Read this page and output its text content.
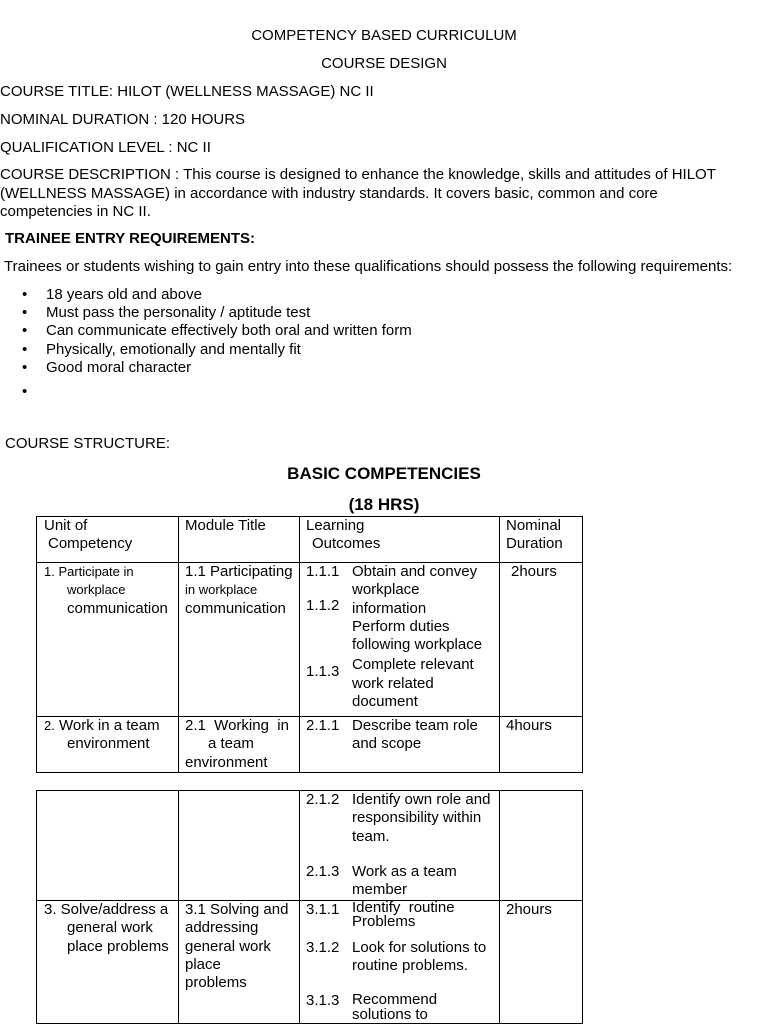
COMPETENCY BASED CURRICULUM
COURSE DESIGN
COURSE TITLE: HILOT (WELLNESS MASSAGE) NC II
NOMINAL DURATION : 120 HOURS
QUALIFICATION LEVEL : NC II
COURSE DESCRIPTION : This course is designed to enhance the knowledge, skills and attitudes of HILOT
(WELLNESS MASSAGE) in accordance with industry standards. It covers basic, common and core
competencies in NC II.
TRAINEE ENTRY REQUIREMENTS:
Trainees or students wishing to gain entry into these qualifications should possess the following requirements:
• 18 years old and above
• Must pass the personality / aptitude test
• Can communicate effectively both oral and written form
• Physically, emotionally and mentally fit
• Good moral character
•
COURSE STRUCTURE:
BASIC COMPETENCIES
(18 HRS)
Unit of
Competency
Module Title	Learning
Outcomes
Nominal
Duration
1. Participate in
workplace
communication
1.1 Participating
in workplace
communication
1.1.1
1.1.2
1.1.3
Obtain and convey
workplace
information
Perform duties
following workplace
Complete relevant
work related
document
2hours
2. Work in a team
environment
2.1  Working  in
a team
environment
2.1.1 Describe team role
and scope
4hours
2.1.2 Identify own role and
responsibility within
team.
2.1.3 Work as a team
member
3. Solve/address a
general work
place problems
3.1 Solving and
addressing
general work
place
problems
3.1.1 Identify  routine
Problems
3.1.2 Look for solutions to
routine problems.
3.1.3 Recommend
solutions to
2hours
